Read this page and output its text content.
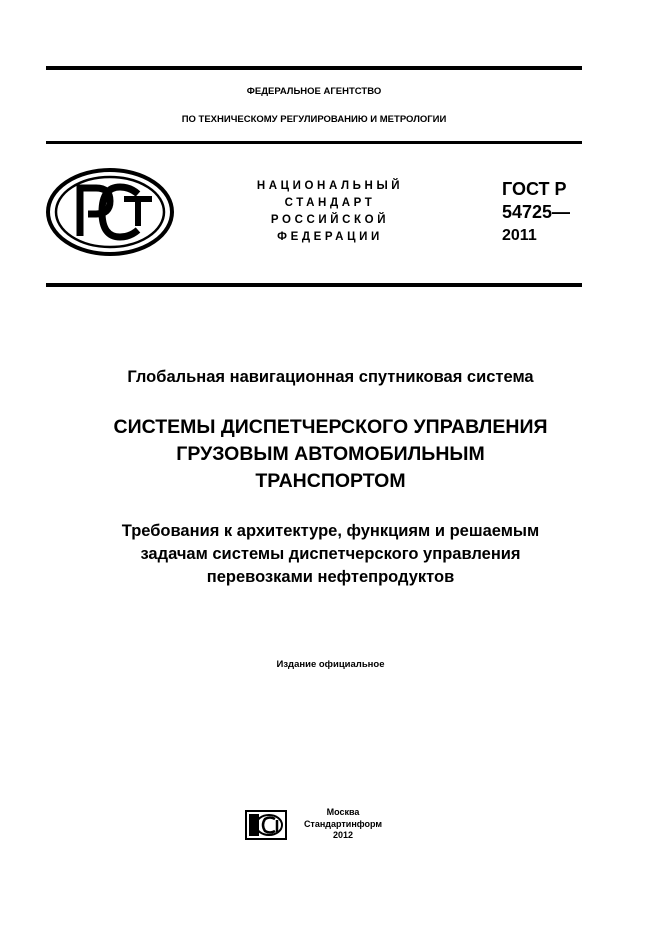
ФЕДЕРАЛЬНОЕ АГЕНТСТВО
ПО ТЕХНИЧЕСКОМУ РЕГУЛИРОВАНИЮ И МЕТРОЛОГИИ
НАЦИОНАЛЬНЫЙ
СТАНДАРТ
РОССИЙСКОЙ
ФЕДЕРАЦИИ
ГОСТ Р
54725—
2011
Глобальная навигационная спутниковая система
СИСТЕМЫ ДИСПЕТЧЕРСКОГО УПРАВЛЕНИЯ
ГРУЗОВЫМ АВТОМОБИЛЬНЫМ
ТРАНСПОРТОМ
Требования к архитектуре, функциям и решаемым
задачам системы диспетчерского управления
перевозками нефтепродуктов
Издание официальное
Москва
Стандартинформ
2012
